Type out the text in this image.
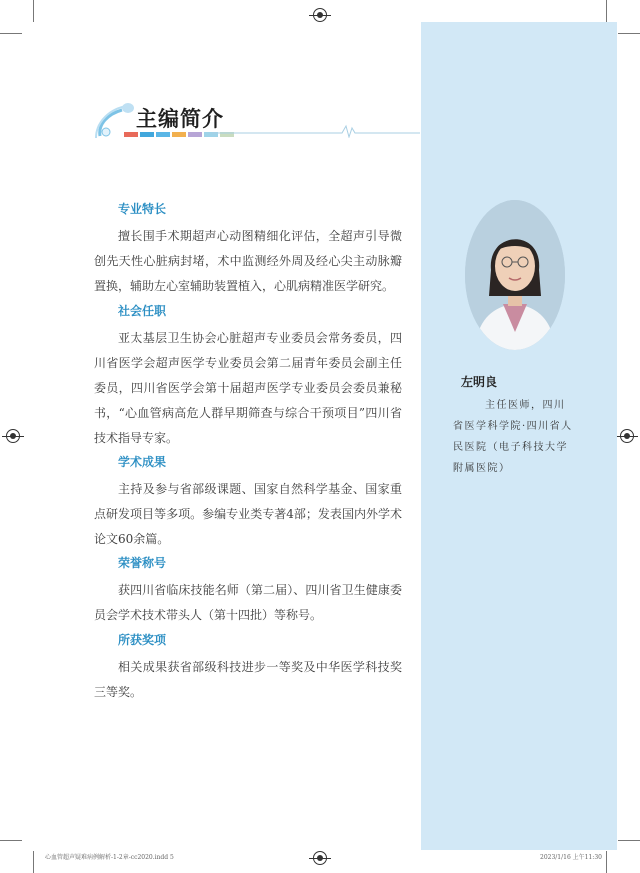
主编简介
专业特长

擅长围手术期超声心动图精细化评估，全超声引导微创先天性心脏病封堵，术中监测经外周及经心尖主动脉瓣置换，辅助左心室辅助装置植入，心肌病精准医学研究。

社会任职

亚太基层卫生协会心脏超声专业委员会常务委员，四川省医学会超声医学专业委员会第二届青年委员会副主任委员，四川省医学会第十届超声医学专业委员会委员兼秘书，“心血管病高危人群早期筛查与综合干预项目”四川省技术指导专家。

学术成果

主持及参与省部级课题、国家自然科学基金、国家重点研发项目等多项。参编专业类专著4部；发表国内外学术论文60余篇。

荣誉称号

获四川省临床技能名师（第二届）、四川省卫生健康委员会学术技术带头人（第十四批）等称号。

所获奖项

相关成果获省部级科技进步一等奖及中华医学科技奖三等奖。

左明良

主任医师，四川省医学科学院·四川省人民医院（电子科技大学附属医院）

心血管超声疑难病例解析-1-2章-cc2020.indd 5	2023/1/16 上午11:30
